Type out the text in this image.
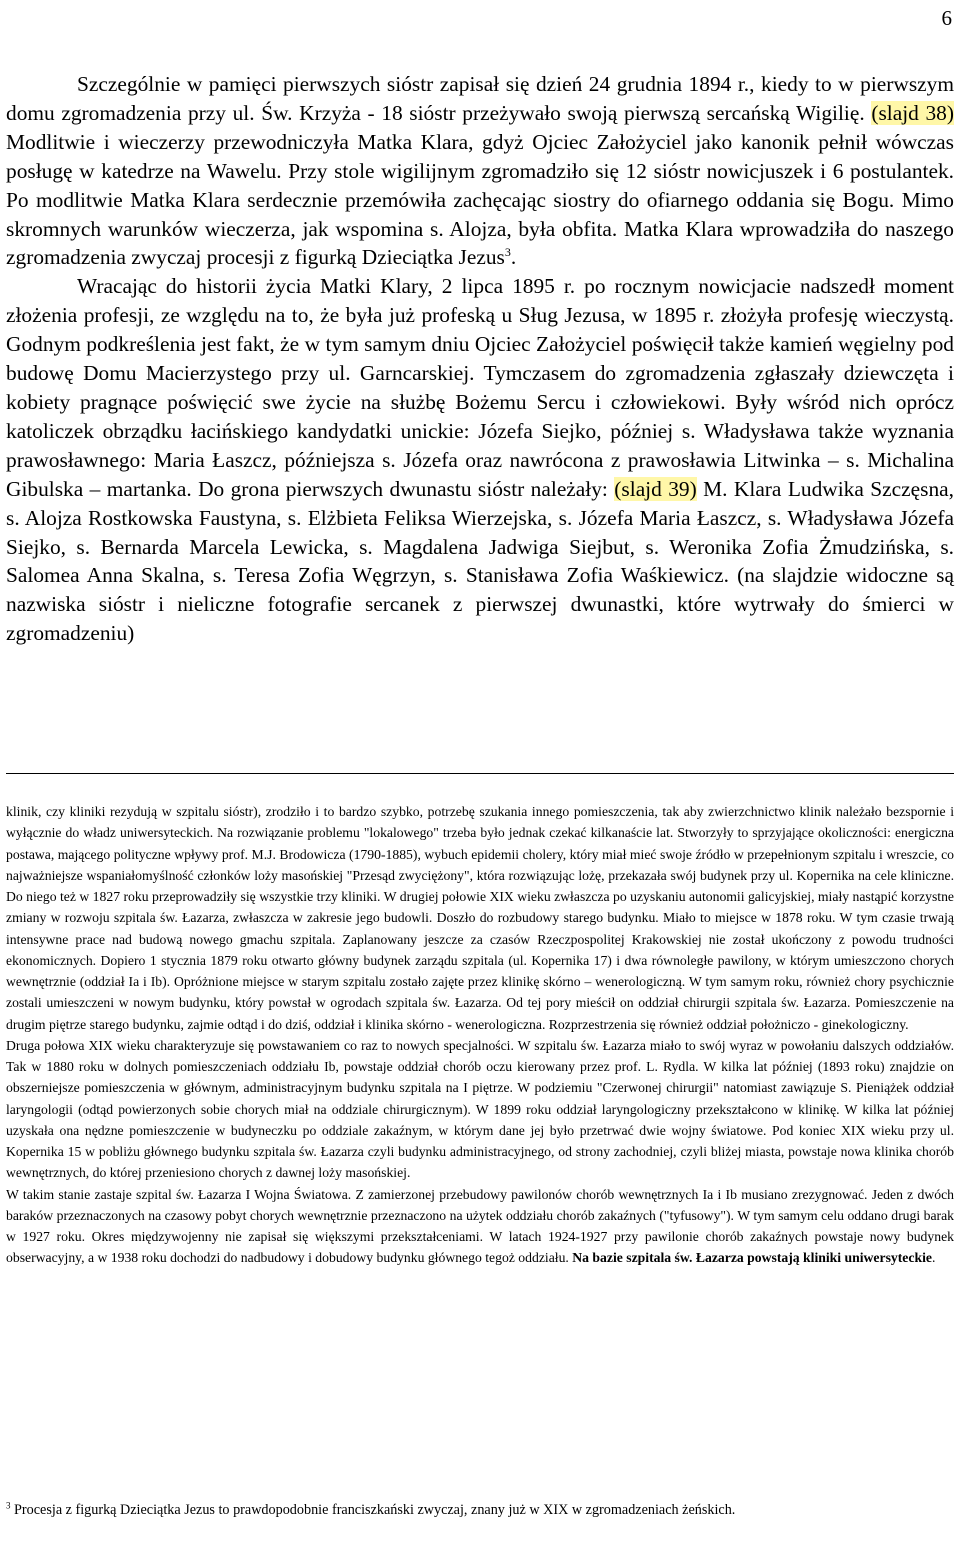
6

Szczególnie w pamięci pierwszych sióstr zapisał się dzień 24 grudnia 1894 r., kiedy to w pierwszym domu zgromadzenia przy ul. Św. Krzyża - 18 sióstr przeżywało swoją pierwszą sercańską Wigilię. (slajd 38) Modlitwie i wieczerzy przewodniczyła Matka Klara, gdyż Ojciec Założyciel jako kanonik pełnił wówczas posługę w katedrze na Wawelu. Przy stole wigilijnym zgromadziło się 12 sióstr nowicjuszek i 6 postulantek. Po modlitwie Matka Klara serdecznie przemówiła zachęcając siostry do ofiarnego oddania się Bogu. Mimo skromnych warunków wieczerza, jak wspomina s. Alojza, była obfita. Matka Klara wprowadziła do naszego zgromadzenia zwyczaj procesji z figurką Dzieciątka Jezus$^3$.

Wracając do historii życia Matki Klary, 2 lipca 1895 r. po rocznym nowicjacie nadszedł moment złożenia profesji, ze względu na to, że była już profeską u Sług Jezusa, w 1895 r. złożyła profesję wieczystą. Godnym podkreślenia jest fakt, że w tym samym dniu Ojciec Założyciel poświęcił także kamień węgielny pod budowę Domu Macierzystego przy ul. Garncarskiej. Tymczasem do zgromadzenia zgłaszały dziewczęta i kobiety pragnące poświęcić swe życie na służbę Bożemu Sercu i człowiekowi. Były wśród nich oprócz katoliczek obrządku łacińskiego kandydatki unickie: Józefa Siejko, później s. Władysława także wyznania prawosławnego: Maria Łaszcz, późniejsza s. Józefa oraz nawrócona z prawosławia Litwinka – s. Michalina Gibulska – martanka. Do grona pierwszych dwunastu sióstr należały: (slajd 39) M. Klara Ludwika Szczęsna, s. Alojza Rostkowska Faustyna, s. Elżbieta Feliksa Wierzejska, s. Józefa Maria Łaszcz, s. Władysława Józefa Siejko, s. Bernarda Marcela Lewicka, s. Magdalena Jadwiga Siejbut, s. Weronika Zofia Żmudzińska, s. Salomea Anna Skalna, s. Teresa Zofia Węgrzyn, s. Stanisława Zofia Waśkiewicz. (na slajdzie widoczne są nazwiska sióstr i nieliczne fotografie sercanek z pierwszej dwunastki, które wytrwały do śmierci w zgromadzeniu)

klinik, czy kliniki rezydują w szpitalu sióstr), zrodziło i to bardzo szybko, potrzebę szukania innego pomieszczenia, tak aby zwierzchnictwo klinik należało bezspornie i wyłącznie do władz uniwersyteckich. Na rozwiązanie problemu "lokalowego" trzeba było jednak czekać kilkanaście lat. Stworzyły to sprzyjające okoliczności: energiczna postawa, mającego polityczne wpływy prof. M.J. Brodowicza (1790-1885), wybuch epidemii cholery, który miał mieć swoje źródło w przepełnionym szpitalu i wreszcie, co najważniejsze wspaniałomyślność członków loży masońskiej "Przesąd zwyciężony", która rozwiązując lożę, przekazała swój budynek przy ul. Kopernika na cele kliniczne. Do niego też w 1827 roku przeprowadziły się wszystkie trzy kliniki. W drugiej połowie XIX wieku zwłaszcza po uzyskaniu autonomii galicyjskiej, miały nastąpić korzystne zmiany w rozwoju szpitala św. Łazarza, zwłaszcza w zakresie jego budowli. Doszło do rozbudowy starego budynku. Miało to miejsce w 1878 roku. W tym czasie trwają intensywne prace nad budową nowego gmachu szpitala. Zaplanowany jeszcze za czasów Rzeczpospolitej Krakowskiej nie został ukończony z powodu trudności ekonomicznych. Dopiero 1 stycznia 1879 roku otwarto główny budynek zarządu szpitala (ul. Kopernika 17) i dwa równoległe pawilony, w którym umieszczono chorych wewnętrznie (oddział Ia i Ib). Opróżnione miejsce w starym szpitalu zostało zajęte przez klinikę skórno – wenerologiczną. W tym samym roku, również chory psychicznie zostali umieszczeni w nowym budynku, który powstał w ogrodach szpitala św. Łazarza. Od tej pory mieścił on oddział chirurgii szpitala św. Łazarza. Pomieszczenie na drugim piętrze starego budynku, zajmie odtąd i do dziś, oddział i klinika skórno - wenerologiczna. Rozprzestrzenia się również oddział położniczo - ginekologiczny.

Druga połowa XIX wieku charakteryzuje się powstawaniem co raz to nowych specjalności. W szpitalu św. Łazarza miało to swój wyraz w powołaniu dalszych oddziałów. Tak w 1880 roku w dolnych pomieszczeniach oddziału Ib, powstaje oddział chorób oczu kierowany przez prof. L. Rydla. W kilka lat później (1893 roku) znajdzie on obszerniejsze pomieszczenia w głównym, administracyjnym budynku szpitala na I piętrze. W podziemiu "Czerwonej chirurgii" natomiast zawiązuje S. Pieniążek oddział laryngologii (odtąd powierzonych sobie chorych miał na oddziale chirurgicznym). W 1899 roku oddział laryngologiczny przekształcono w klinikę. W kilka lat później uzyskała ona nędzne pomieszczenie w budyneczku po oddziale zakaźnym, w którym dane jej było przetrwać dwie wojny światowe. Pod koniec XIX wieku przy ul. Kopernika 15 w pobliżu głównego budynku szpitala św. Łazarza czyli budynku administracyjnego, od strony zachodniej, czyli bliżej miasta, powstaje nowa klinika chorób wewnętrznych, do której przeniesiono chorych z dawnej loży masońskiej.

W takim stanie zastaje szpital św. Łazarza I Wojna Światowa. Z zamierzonej przebudowy pawilonów chorób wewnętrznych Ia i Ib musiano zrezygnować. Jeden z dwóch baraków przeznaczonych na czasowy pobyt chorych wewnętrznie przeznaczono na użytek oddziału chorób zakaźnych ("tyfusowy"). W tym samym celu oddano drugi barak w 1927 roku. Okres międzywojenny nie zapisał się większymi przekształceniami. W latach 1924-1927 przy pawilonie chorób zakaźnych powstaje nowy budynek obserwacyjny, a w 1938 roku dochodzi do nadbudowy i dobudowy budynku głównego tegoż oddziału. Na bazie szpitala św. Łazarza powstają kliniki uniwersyteckie.

$^3$ Procesja z figurką Dzieciątka Jezus to prawdopodobnie franciszkański zwyczaj, znany już w XIX w zgromadzeniach żeńskich.
